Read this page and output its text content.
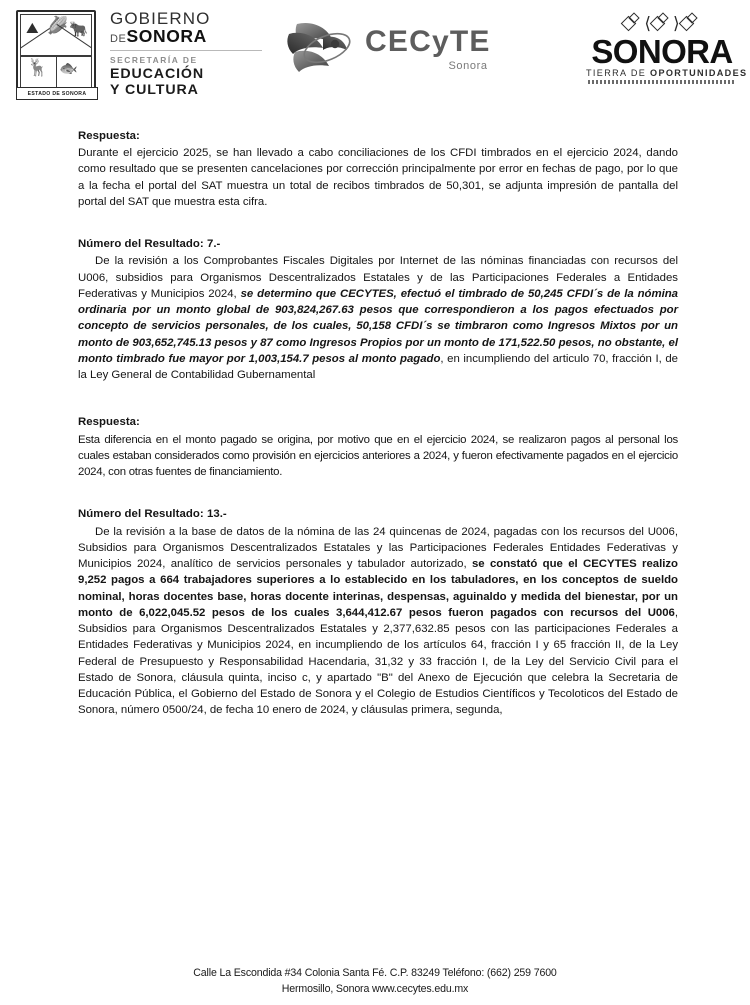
⛰ 🌽 🐂
🦌 🐟
ESTADO DE SONORA
GOBIERNO
DESONORA
SECRETARÍA DE
EDUCACIÓN
Y CULTURA
CECyTE
Sonora
⟨ ⟩
SONORA
TIERRA DE OPORTUNIDADES
Respuesta:

Durante el ejercicio 2025, se han llevado a cabo conciliaciones de los CFDI timbrados en el ejercicio 2024, dando como resultado que se presenten cancelaciones por corrección principalmente por error en fechas de pago, por lo que a la fecha el portal del SAT muestra un total de recibos timbrados de 50,301, se adjunta impresión de pantalla del portal del SAT que muestra esta cifra.

Número del Resultado: 7.-

De la revisión a los Comprobantes Fiscales Digitales por Internet de las nóminas financiadas con recursos del U006, subsidios para Organismos Descentralizados Estatales y de las Participaciones Federales a Entidades Federativas y Municipios 2024, se determino que CECYTES, efectuó el timbrado de 50,245 CFDI´s de la nómina ordinaria por un monto global de 903,824,267.63 pesos que correspondieron a los pagos efectuados por concepto de servicios personales, de los cuales, 50,158 CFDI´s se timbraron como Ingresos Mixtos por un monto de 903,652,745.13 pesos y 87 como Ingresos Propios por un monto de 171,522.50 pesos, no obstante, el monto timbrado fue mayor por 1,003,154.7 pesos al monto pagado, en incumpliendo del articulo 70, fracción I, de la Ley General de Contabilidad Gubernamental

Respuesta:

Esta diferencia en el monto pagado se origina, por motivo que en el ejercicio 2024, se realizaron pagos al personal los cuales estaban considerados como provisión en ejercicios anteriores a 2024, y fueron efectivamente pagados en el ejercicio 2024, con otras fuentes de financiamiento.

Número del Resultado: 13.-

De la revisión a la base de datos de la nómina de las 24 quincenas de 2024, pagadas con los recursos del U006, Subsidios para Organismos Descentralizados Estatales y las Participaciones Federales Entidades Federativas y Municipios 2024, analítico de servicios personales y tabulador autorizado, se constató que el CECYTES realizo 9,252 pagos a 664 trabajadores superiores a lo establecido en los tabuladores, en los conceptos de sueldo nominal, horas docentes base, horas docente interinas, despensas, aguinaldo y medida del bienestar, por un monto de 6,022,045.52 pesos de los cuales 3,644,412.67 pesos fueron pagados con recursos del U006, Subsidios para Organismos Descentralizados Estatales y 2,377,632.85 pesos con las participaciones Federales a Entidades Federativas y Municipios 2024, en incumpliendo de los artículos 64, fracción I y 65 fracción II, de la Ley Federal de Presupuesto y Responsabilidad Hacendaria, 31,32 y 33 fracción I, de la Ley del Servicio Civil para el Estado de Sonora, cláusula quinta, inciso c, y apartado "B" del Anexo de Ejecución que celebra la Secretaria de Educación Pública, el Gobierno del Estado de Sonora y el Colegio de Estudios Científicos y Tecoloticos del Estado de Sonora, número 0500/24, de fecha 10 enero de 2024, y cláusulas primera, segunda,

Calle La Escondida #34 Colonia Santa Fé. C.P. 83249 Teléfono: (662) 259 7600
Hermosillo, Sonora www.cecytes.edu.mx
